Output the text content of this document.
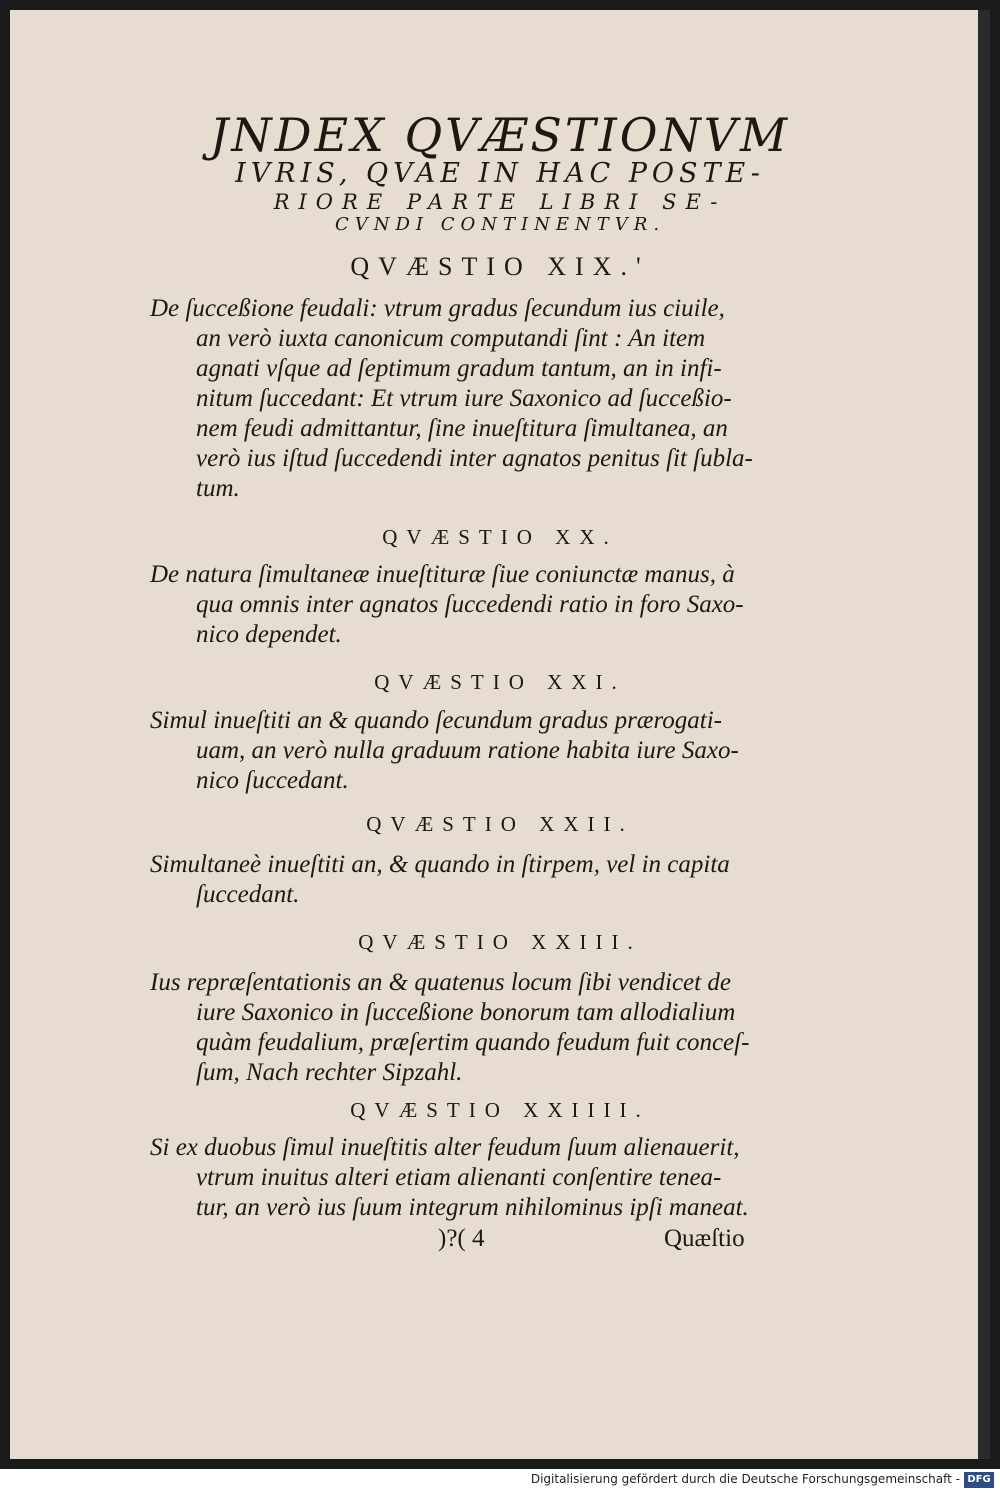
JNDEX QVÆSTIONVM
IVRIS, QVAE IN HAC POSTE-
RIORE PARTE LIBRI SE-
CVNDI CONTINENTVR.
QVÆSTIO XIX.'
De ſucceßione feudali: vtrum gradus ſecundum ius ciuile,
an verò iuxta canonicum computandi ſint : An item
agnati vſque ad ſeptimum gradum tantum, an in infi-
nitum ſuccedant: Et vtrum iure Saxonico ad ſucceßio-
nem feudi admittantur, ſine inueſtitura ſimultanea, an
verò ius iſtud ſuccedendi inter agnatos penitus ſit ſubla-
tum.
QVÆSTIO XX.
De natura ſimultaneæ inueſtituræ ſiue coniunctæ manus, à
qua omnis inter agnatos ſuccedendi ratio in foro Saxo-
nico dependet.
QVÆSTIO XXI.
Simul inueſtiti an & quando ſecundum gradus prærogati-
uam, an verò nulla graduum ratione habita iure Saxo-
nico ſuccedant.
QVÆSTIO XXII.
Simultaneè inueſtiti an, & quando in ſtirpem, vel in capita
ſuccedant.
QVÆSTIO XXIII.
Ius repræſentationis an & quatenus locum ſibi vendicet de
iure Saxonico in ſucceßione bonorum tam allodialium
quàm feudalium, præſertim quando feudum fuit conceſ-
ſum, Nach rechter Sipzahl.
QVÆSTIO XXIIII.
Si ex duobus ſimul inueſtitis alter feudum ſuum alienauerit,
vtrum inuitus alteri etiam alienanti conſentire tenea-
tur, an verò ius ſuum integrum nihilominus ipſi maneat.
)?( 4	Quæſtio
Digitalisierung gefördert durch die Deutsche Forschungsgemeinschaft - DFG
